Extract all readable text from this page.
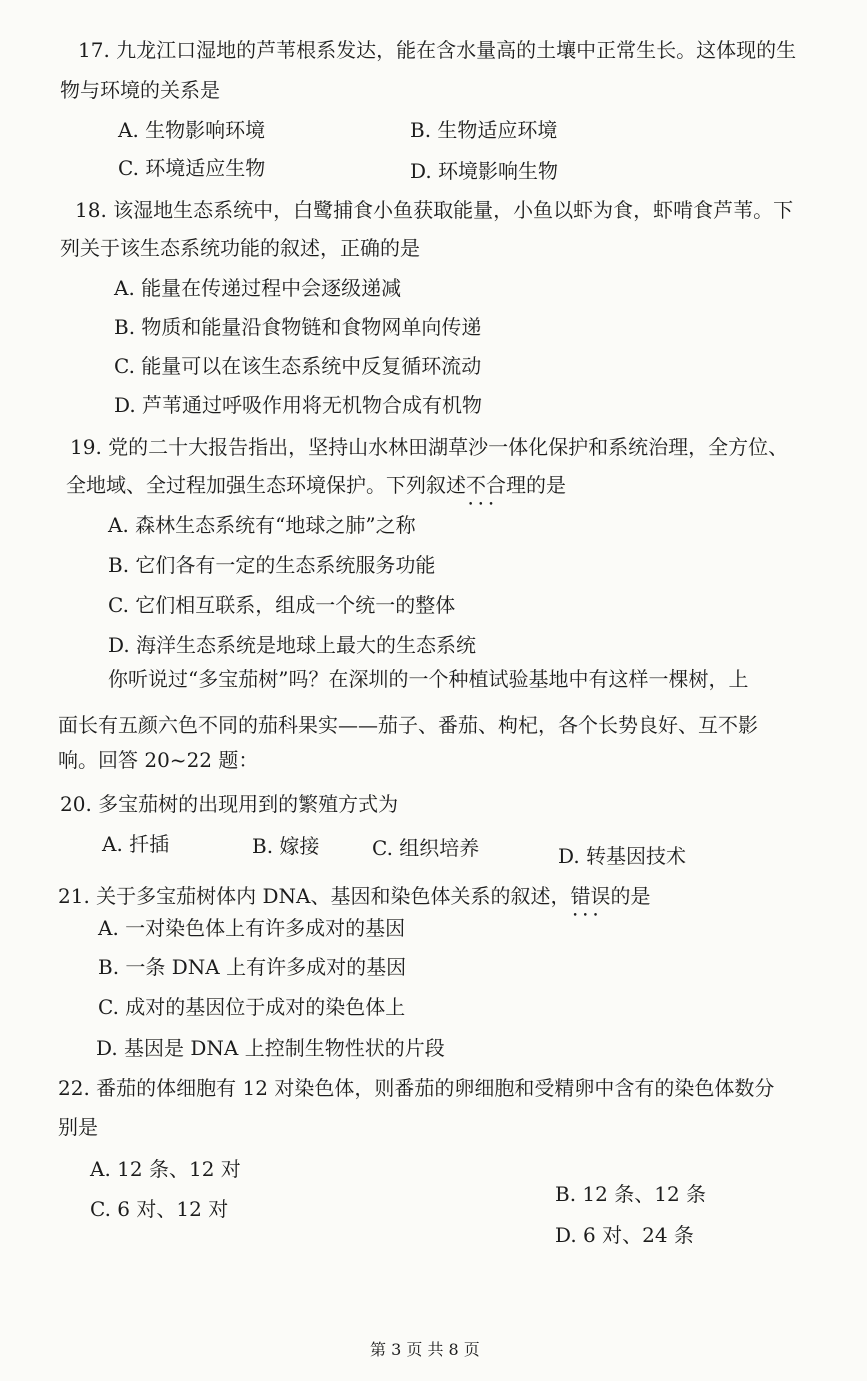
17. 九龙江口湿地的芦苇根系发达，能在含水量高的土壤中正常生长。这体现的生
物与环境的关系是
A. 生物影响环境	B. 生物适应环境
C. 环境适应生物	D. 环境影响生物
18. 该湿地生态系统中，白鹭捕食小鱼获取能量，小鱼以虾为食，虾啃食芦苇。下
列关于该生态系统功能的叙述，正确的是
A. 能量在传递过程中会逐级递减
B. 物质和能量沿食物链和食物网单向传递
C. 能量可以在该生态系统中反复循环流动
D. 芦苇通过呼吸作用将无机物合成有机物
19. 党的二十大报告指出，坚持山水林田湖草沙一体化保护和系统治理，全方位、
全地域、全过程加强生态环境保护。下列叙述不合理 • • •的是
A. 森林生态系统有“地球之肺”之称
B. 它们各有一定的生态系统服务功能
C. 它们相互联系，组成一个统一的整体
D. 海洋生态系统是地球上最大的生态系统
你听说过“多宝茄树”吗？在深圳的一个种植试验基地中有这样一棵树，上
面长有五颜六色不同的茄科果实——茄子、番茄、枸杞，各个长势良好、互不影
响。回答 20~22 题：
20. 多宝茄树的出现用到的繁殖方式为
A. 扦插	B. 嫁接	C. 组织培养	D. 转基因技术
21. 关于多宝茄树体内 DNA、基因和染色体关系的叙述，错误 • • •的是
A. 一对染色体上有许多成对的基因
B. 一条 DNA 上有许多成对的基因
C. 成对的基因位于成对的染色体上
D. 基因是 DNA 上控制生物性状的片段
22. 番茄的体细胞有 12 对染色体，则番茄的卵细胞和受精卵中含有的染色体数分
别是
A. 12 条、12 对
B. 12 条、12 条
C. 6 对、12 对
D. 6 对、24 条
第 3 页 共 8 页
